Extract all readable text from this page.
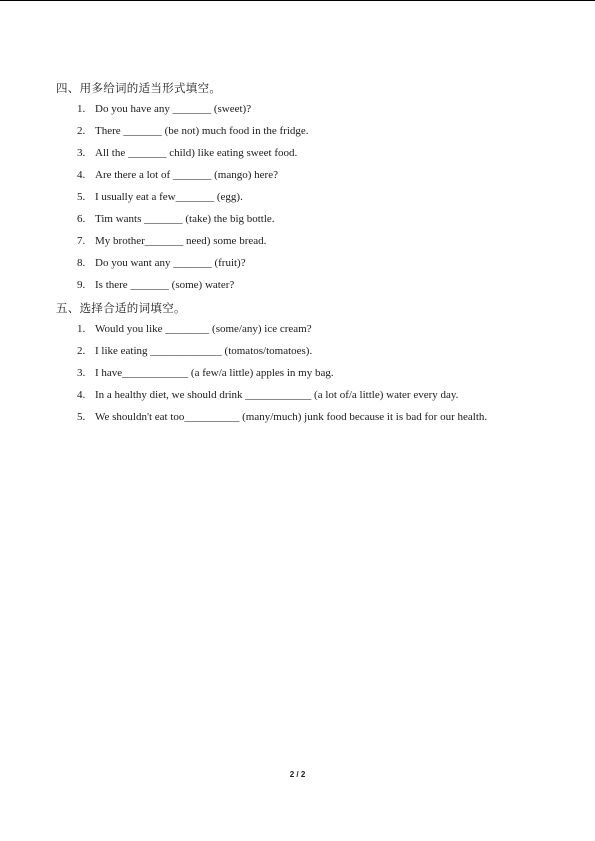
四、用多给词的适当形式填空。
1. Do you have any _______ (sweet)?
2. There _______ (be not) much food in the fridge.
3. All the _______ child) like eating sweet food.
4. Are there a lot of _______ (mango) here?
5. I usually eat a few_______ (egg).
6. Tim wants _______ (take) the big bottle.
7. My brother_______ need) some bread.
8. Do you want any _______ (fruit)?
9. Is there _______ (some) water?
五、选择合适的词填空。
1. Would you like ________ (some/any) ice cream?
2. I like eating _____________ (tomatos/tomatoes).
3. I have____________ (a few/a little) apples in my bag.
4. In a healthy diet, we should drink ____________ (a lot of/a little) water every day.
5. We shouldn't eat too__________ (many/much) junk food because it is bad for our health.
2 / 2
